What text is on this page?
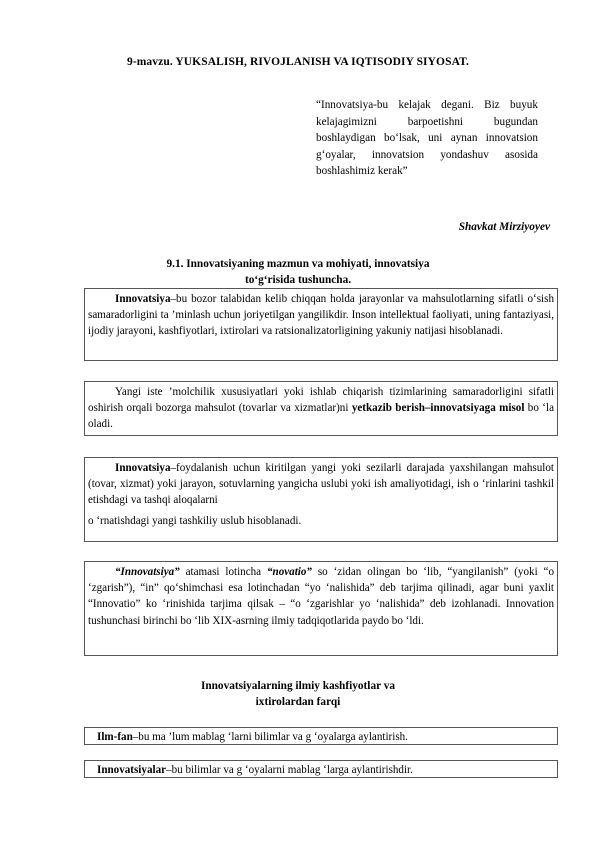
9-mavzu. YUKSALISH, RIVOJLANISH VA IQTISODIY SIYOSAT.
“Innovatsiya-bu kelajak degani. Biz buyuk kelajagimizni barpoetishni bugundan boshlaydigan bo‘lsak, uni aynan innovatsion g‘oyalar, innovatsion yondashuv asosida boshlashimiz kerak”
Shavkat Mirziyoyev
9.1. Innovatsiyaning mazmun va mohiyati, innovatsiya
to‘g‘risida tushuncha.

Innovatsiya–bu bozor talabidan kelib chiqqan holda jarayonlar va mahsulotlarning sifatli o‘sish samaradorligini ta ’minlash uchun joriyetilgan yangilikdir. Inson intellektual faoliyati, uning fantaziyasi, ijodiy jarayoni, kashfiyotlari, ixtirolari va ratsionalizatorligining yakuniy natijasi hisoblanadi.

Yangi iste ’molchilik xususiyatlari yoki ishlab chiqarish tizimlarining samaradorligini sifatli oshirish orqali bozorga mahsulot (tovarlar va xizmatlar)ni yetkazib berish–innovatsiyaga misol bo ‘la oladi.

Innovatsiya–foydalanish uchun kiritilgan yangi yoki sezilarli darajada yaxshilangan mahsulot (tovar, xizmat) yoki jarayon, sotuvlarning yangicha uslubi yoki ish amaliyotidagi, ish o ‘rinlarini tashkil etishdagi va tashqi aloqalarni

o ‘rnatishdagi yangi tashkiliy uslub hisoblanadi.

“Innovatsiya” atamasi lotincha “novatio” so ‘zidan olingan bo ‘lib, “yangilanish” (yoki “o ‘zgarish”), “in” qo‘shimchasi esa lotinchadan “yo ‘nalishida” deb tarjima qilinadi, agar buni yaxlit “Innovatio” ko ‘rinishida tarjima qilsak – “o ‘zgarishlar yo ‘nalishida” deb izohlanadi. Innovation tushunchasi birinchi bo ‘lib XIX-asrning ilmiy tadqiqotlarida paydo bo ‘ldi.

Innovatsiyalarning ilmiy kashfiyotlar va
ixtirolardan farqi
Ilm-fan–bu ma ’lum mablag ‘larni bilimlar va g ‘oyalarga aylantirish.
Innovatsiyalar–bu bilimlar va g ‘oyalarni mablag ‘larga aylantirishdir.
